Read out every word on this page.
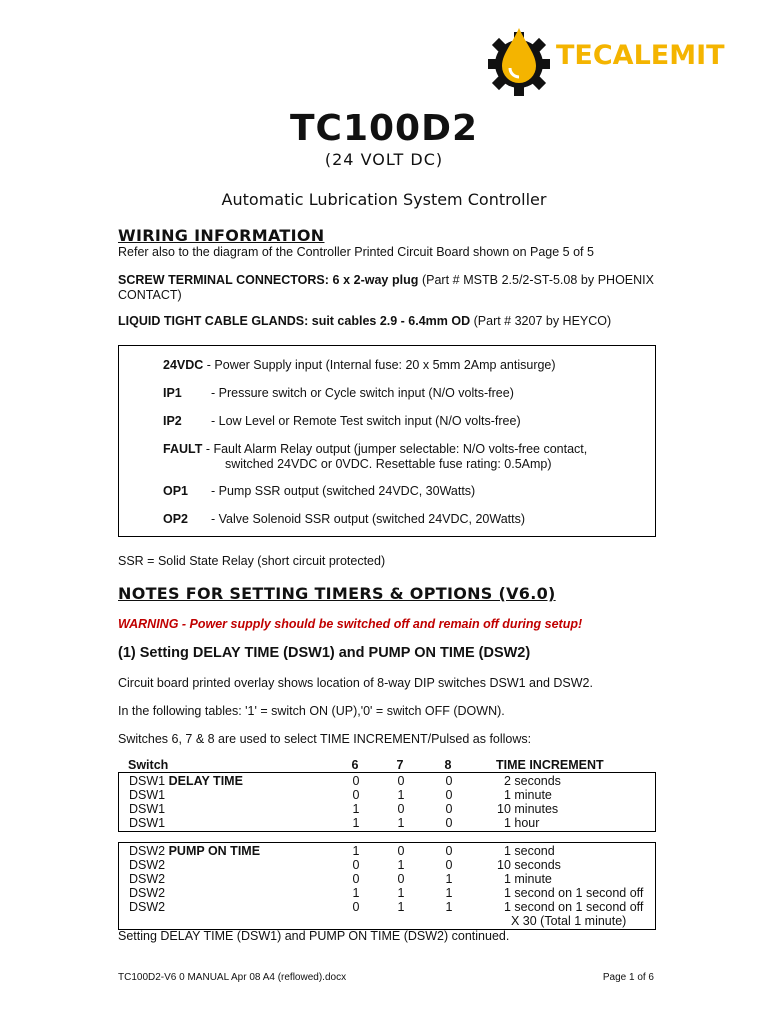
TECALEMIT
TC100D2
(24 VOLT DC)
Automatic Lubrication System Controller
WIRING INFORMATION
Refer also to the diagram of the Controller Printed Circuit Board shown on Page 5 of 5
SCREW TERMINAL CONNECTORS: 6 x 2-way plug (Part # MSTB 2.5/2-ST-5.08 by PHOENIX CONTACT)
LIQUID TIGHT CABLE GLANDS: suit cables 2.9 - 6.4mm OD (Part # 3207 by HEYCO)
24VDC - Power Supply input (Internal fuse: 20 x 5mm 2Amp antisurge)
IP1 - Pressure switch or Cycle switch input (N/O volts-free)
IP2 - Low Level or Remote Test switch input (N/O volts-free)
FAULT - Fault Alarm Relay output (jumper selectable: N/O volts-free contact,
switched 24VDC or 0VDC. Resettable fuse rating: 0.5Amp)
OP1 - Pump SSR output (switched 24VDC, 30Watts)
OP2 - Valve Solenoid SSR output (switched 24VDC, 20Watts)
SSR = Solid State Relay (short circuit protected)
NOTES FOR SETTING TIMERS & OPTIONS (V6.0)
WARNING - Power supply should be switched off and remain off during setup!
(1) Setting DELAY TIME (DSW1) and PUMP ON TIME (DSW2)
Circuit board printed overlay shows location of 8-way DIP switches DSW1 and DSW2.
In the following tables: '1' = switch ON (UP),'0' = switch OFF (DOWN).
Switches 6, 7 & 8 are used to select TIME INCREMENT/Pulsed as follows:
Switch	6	7	8	TIME INCREMENT
DSW1 DELAY TIME	0	0	0	2 seconds
DSW1	0	1	0	1 minute
DSW1	1	0	0	10 minutes
DSW1	1	1	0	1 hour
DSW2 PUMP ON TIME	1	0	0	1 second
DSW2	0	1	0	10 seconds
DSW2	0	0	1	1 minute
DSW2	1	1	1	1 second on 1 second off
DSW2	0	1	1	1 second on 1 second off
X 30 (Total 1 minute)
Setting DELAY TIME (DSW1) and PUMP ON TIME (DSW2) continued.
TC100D2-V6 0 MANUAL Apr 08 A4 (reflowed).docx	Page 1 of 6
